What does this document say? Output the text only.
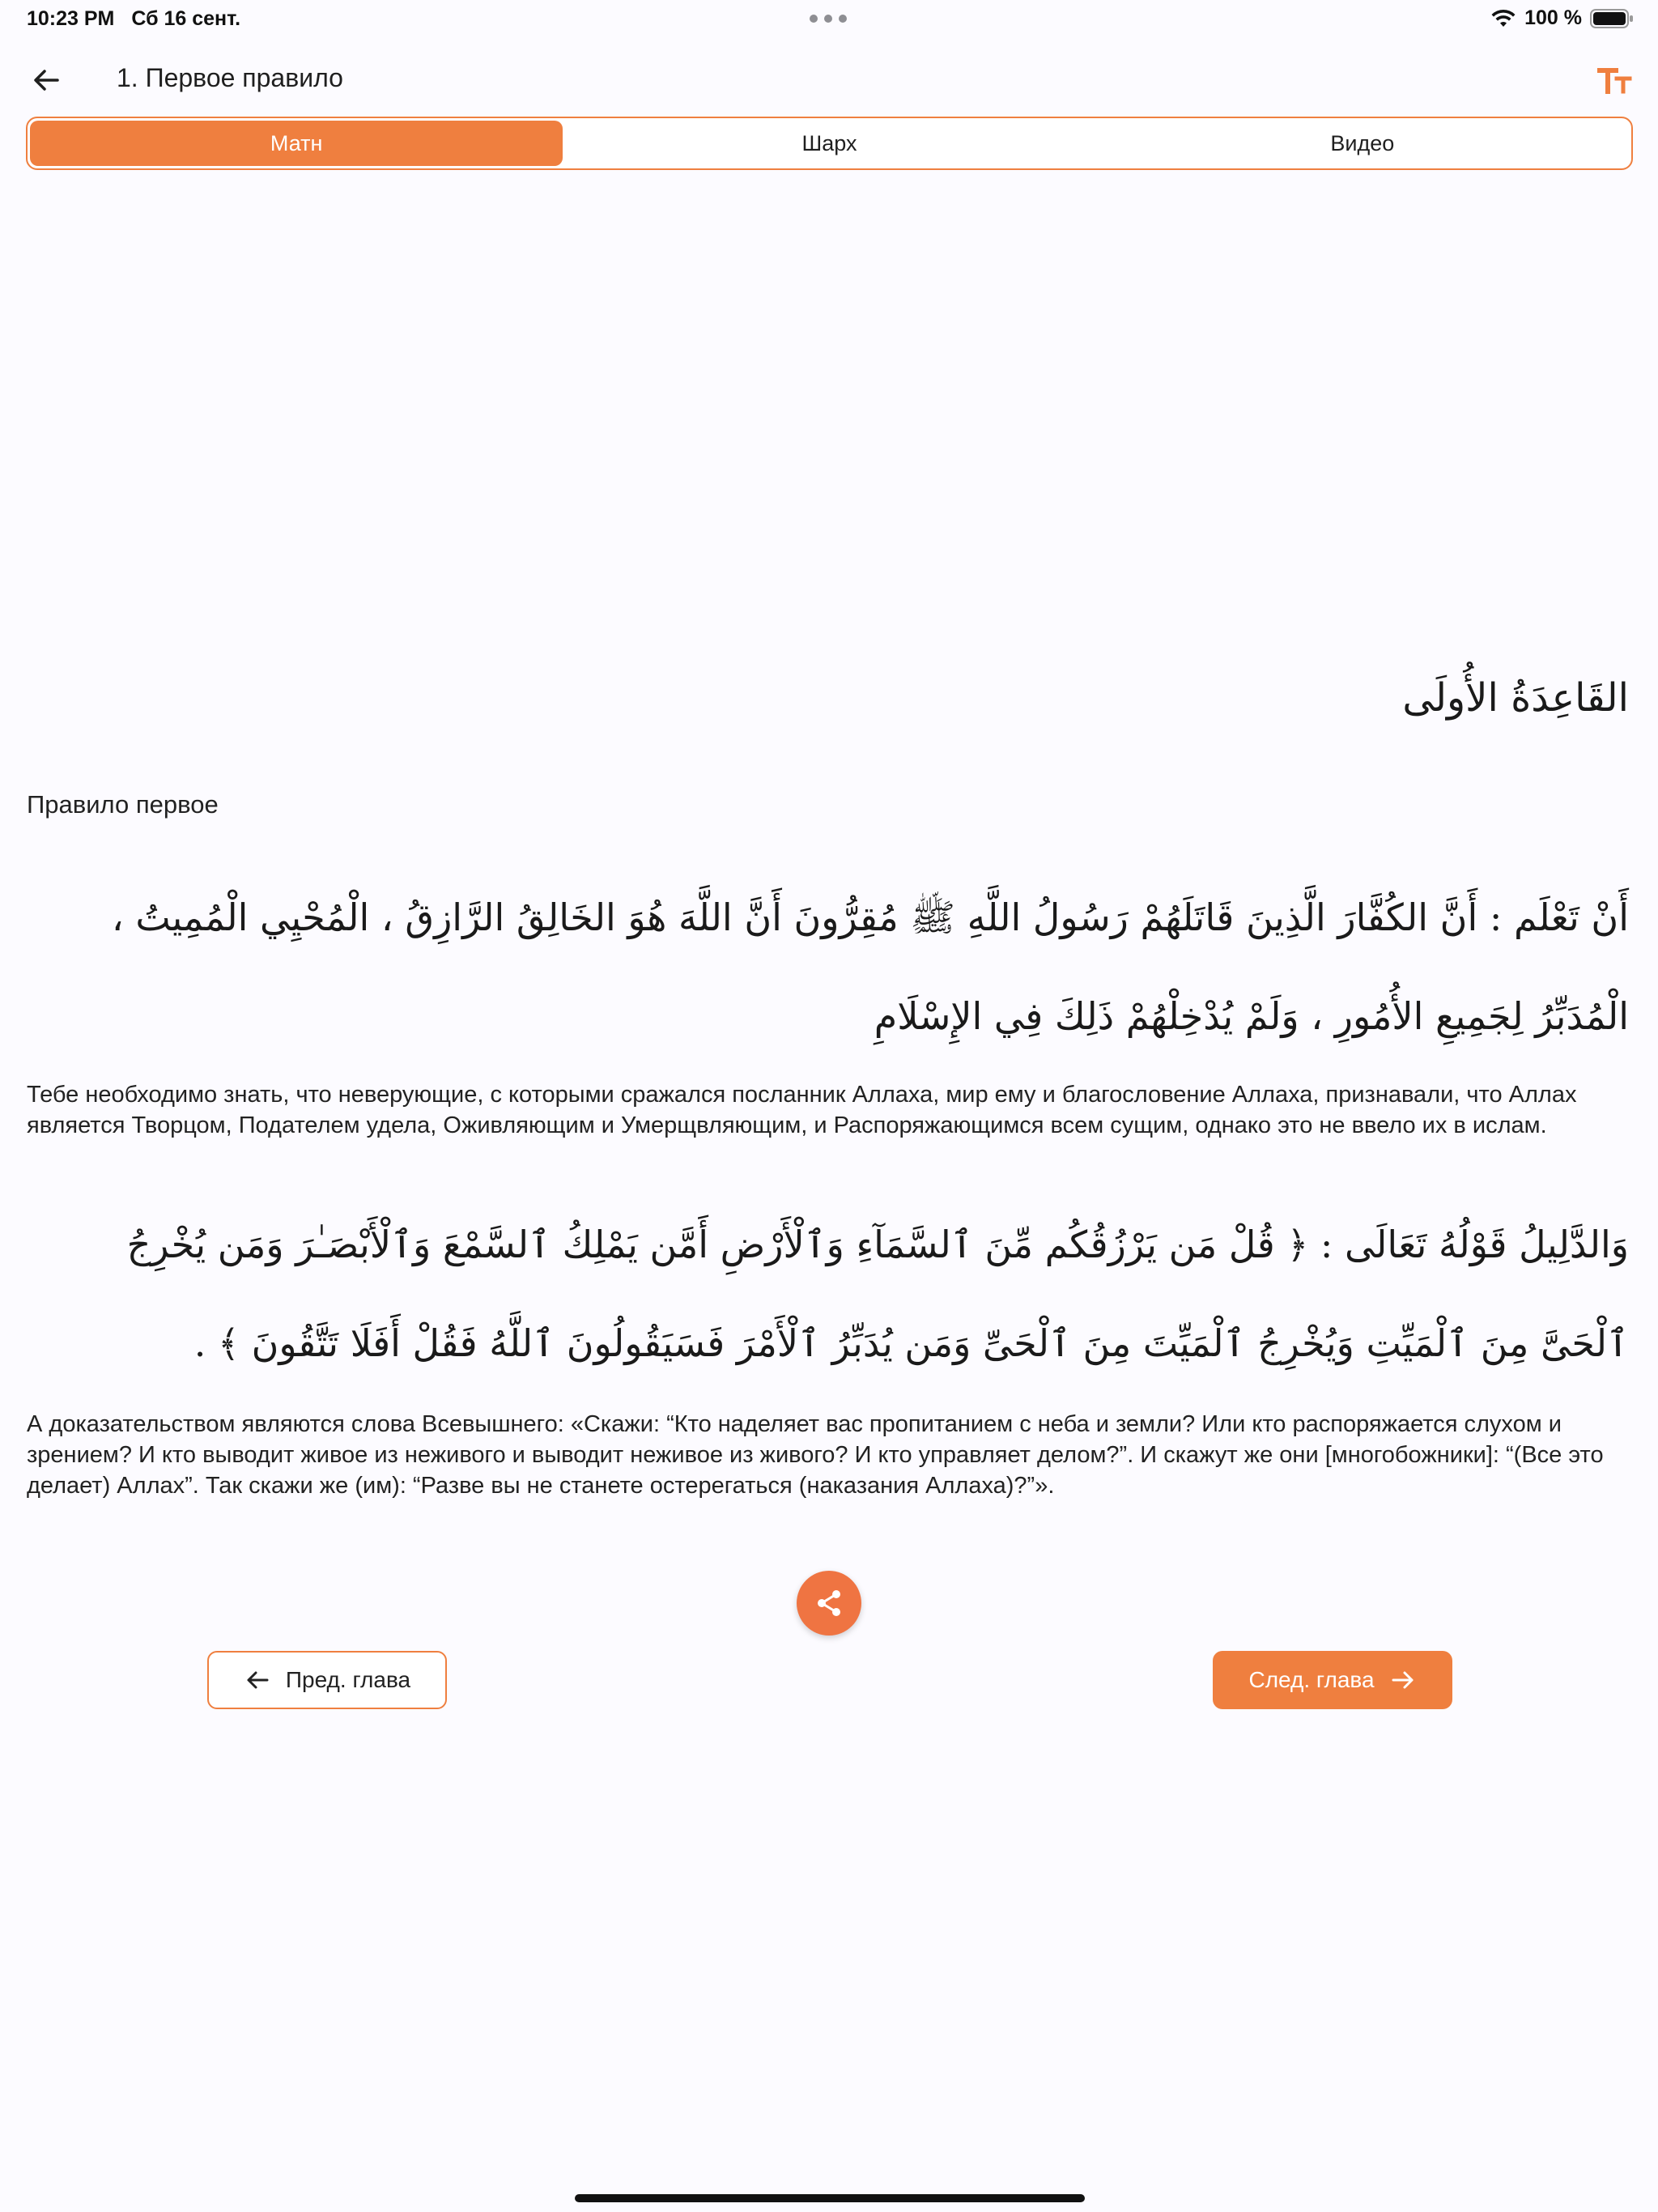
10:23 PM Сб 16 сент.	100 %
1. Первое правило
Матн	Шарх	Видео
القَاعِدَةُ الأُولَى
Правило первое
أَنْ تَعْلَم : أَنَّ الكُفَّارَ الَّذِينَ قَاتَلَهُمْ رَسُولُ اللَّهِ ﷺ مُقِرُّونَ أَنَّ اللَّهَ هُوَ الخَالِقُ الرَّازِقُ ، الْمُحْيِي الْمُمِيتُ ، الْمُدَبِّرُ لِجَمِيعِ الأُمُورِ ، وَلَمْ يُدْخِلْهُمْ ذَلِكَ فِي الإِسْلَامِ
Тебе необходимо знать, что неверующие, с которыми сражался посланник Аллаха, мир ему и благословение Аллаха, признавали, что Аллах является Творцом, Подателем удела, Оживляющим и Умерщвляющим, и Распоряжающимся всем сущим, однако это не ввело их в ислам.
وَالدَّلِيلُ قَوْلُهُ تَعَالَى : ﴿ قُلْ مَن يَرْزُقُكُم مِّنَ ٱلسَّمَآءِ وَٱلْأَرْضِ أَمَّن يَمْلِكُ ٱلسَّمْعَ وَٱلْأَبْصَـٰرَ وَمَن يُخْرِجُ ٱلْحَىَّ مِنَ ٱلْمَيِّتِ وَيُخْرِجُ ٱلْمَيِّتَ مِنَ ٱلْحَىِّ وَمَن يُدَبِّرُ ٱلْأَمْرَ فَسَيَقُولُونَ ٱللَّهُ فَقُلْ أَفَلَا تَتَّقُونَ ﴾ .
А доказательством являются слова Всевышнего: «Скажи: “Кто наделяет вас пропитанием с неба и земли? Или кто распоряжается слухом и зрением? И кто выводит живое из неживого и выводит неживое из живого? И кто управляет делом?”. И скажут же они [многобожники]: “(Все это делает) Аллах”. Так скажи же (им): “Разве вы не станете остерегаться (наказания Аллаха)?”».
Пред. глава	След. глава
